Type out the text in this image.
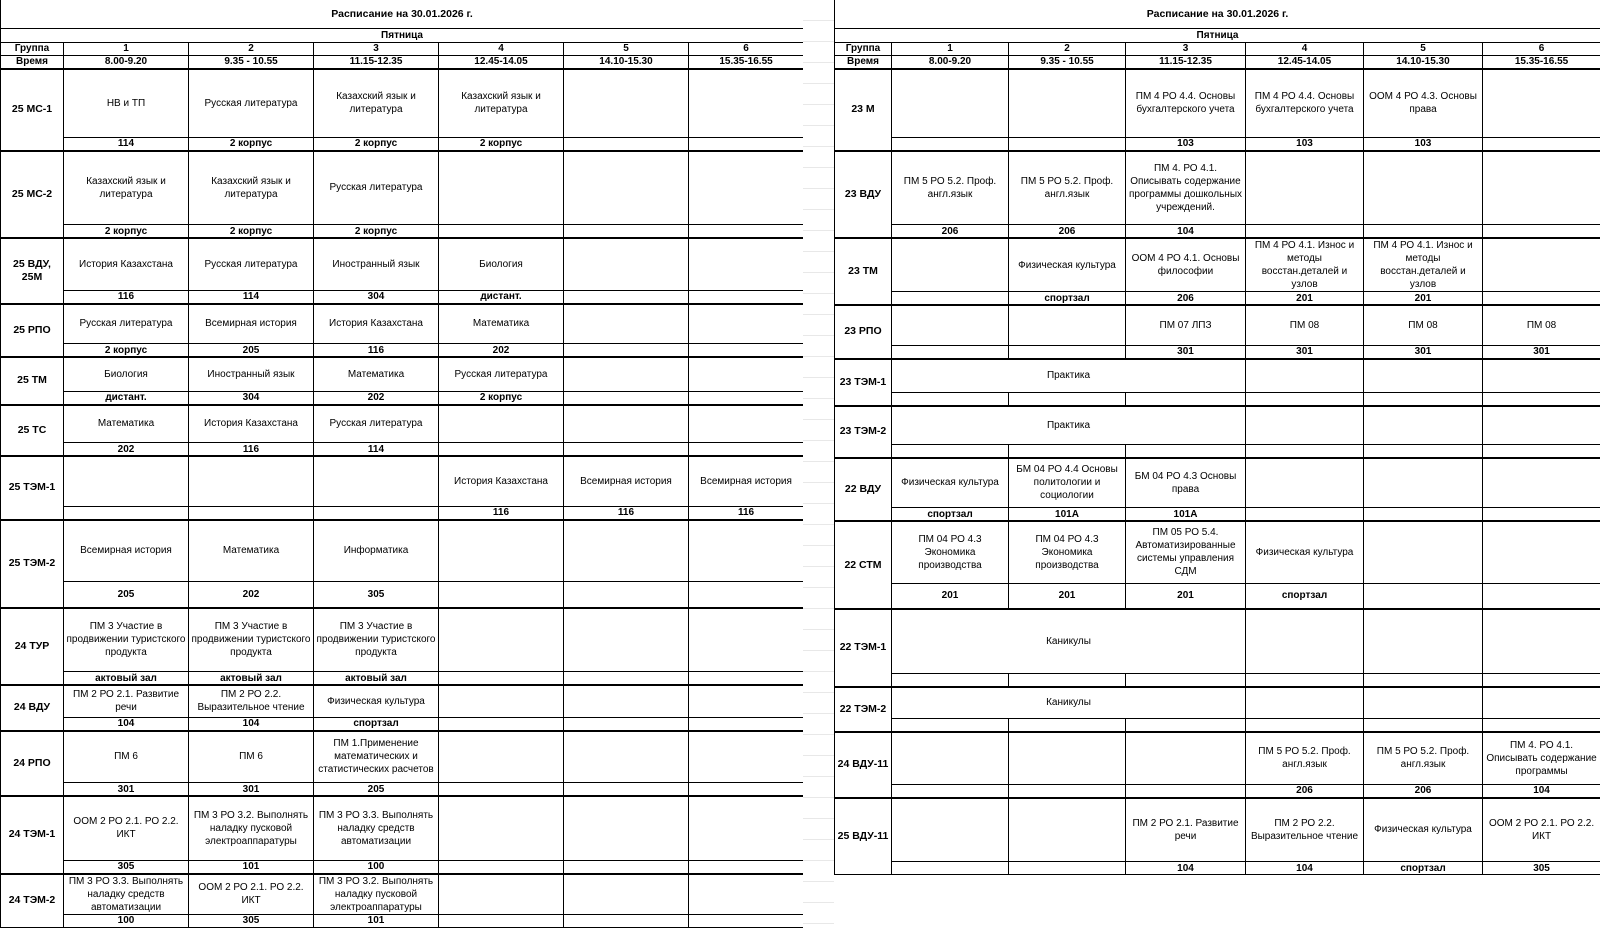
Расписание на 30.01.2026 г.						
Пятница						
Группа	1	2	3	4	5	6
Время	8.00-9.20	9.35 - 10.55	11.15-12.35	12.45-14.05	14.10-15.30	15.35-16.55
25 МС-1	НВ и ТП	Русская литература	Казахский язык и литература	Казахский язык и литература		
	114	2 корпус	2 корпус	2 корпус		
25 МС-2	Казахский язык и литература	Казахский язык и литература	Русская литература			
	2 корпус	2 корпус	2 корпус			
25 ВДУ, 25М	История Казахстана	Русская литература	Иностранный язык	Биология		
	116	114	304	дистант.		
25 РПО	Русская литература	Всемирная история	История Казахстана	Математика		
	2 корпус	205	116	202		
25 ТМ	Биология	Иностранный язык	Математика	Русская литература		
	дистант.	304	202	2 корпус		
25 ТС	Математика	История Казахстана	Русская литература			
	202	116	114			
25 ТЭМ-1				История Казахстана	Всемирная история	Всемирная история
				116	116	116
25 ТЭМ-2	Всемирная история	Математика	Информатика			
	205	202	305			
24 ТУР	ПМ 3 Участие в продвижении туристского продукта	ПМ 3 Участие в продвижении туристского продукта	ПМ 3 Участие в продвижении туристского продукта			
	актовый зал	актовый зал	актовый зал			
24 ВДУ	ПМ 2 РО 2.1. Развитие речи	ПМ 2 РО 2.2. Выразительное чтение	Физическая культура			
	104	104	спортзал			
24 РПО	ПМ 6	ПМ 6	ПМ 1.Применение математических и статистических расчетов			
	301	301	205			
24 ТЭМ-1	ООМ 2 РО 2.1. РО 2.2. ИКТ	ПМ 3 РО 3.2. Выполнять наладку пусковой электроаппаратуры	ПМ 3 РО 3.3. Выполнять наладку средств автоматизации			
	305	101	100			
24 ТЭМ-2	ПМ 3 РО 3.3. Выполнять наладку средств автоматизации	ООМ 2 РО 2.1. РО 2.2. ИКТ	ПМ 3 РО 3.2. Выполнять наладку пусковой электроаппаратуры			
	100	305	101			
Расписание на 30.01.2026 г.						
Пятница						
Группа	1	2	3	4	5	6
Время	8.00-9.20	9.35 - 10.55	11.15-12.35	12.45-14.05	14.10-15.30	15.35-16.55
23 М			ПМ 4 РО 4.4. Основы бухгалтерского учета	ПМ 4 РО 4.4. Основы бухгалтерского учета	ООМ 4 РО 4.3. Основы права	
			103	103	103	
23 ВДУ	ПМ 5 РО 5.2. Проф. англ.язык	ПМ 5 РО 5.2. Проф. англ.язык	ПМ 4. РО 4.1. Описывать содержание программы дошкольных учреждений.			
	206	206	104			
23 ТМ		Физическая культура	ООМ 4 РО 4.1. Основы философии	ПМ 4 РО 4.1. Износ и методы восстан.деталей и узлов	ПМ 4 РО 4.1. Износ и методы восстан.деталей и узлов	
		спортзал	206	201	201	
23 РПО			ПМ 07 ЛПЗ	ПМ 08	ПМ 08	ПМ 08
			301	301	301	301
23 ТЭМ-1	Практика					

23 ТЭМ-2	Практика					

22 ВДУ	Физическая культура	БМ 04 РО 4.4 Основы политологии и социологии	БМ 04 РО 4.3 Основы права			
	спортзал	101А	101А			
22 СТМ	ПМ 04 РО 4.3 Экономика производства	ПМ 04 РО 4.3 Экономика производства	ПМ 05 РО 5.4. Автоматизированные системы управления СДМ	Физическая культура		
	201	201	201	спортзал		
22 ТЭМ-1	Каникулы					

22 ТЭМ-2	Каникулы					

24 ВДУ-11				ПМ 5 РО 5.2. Проф. англ.язык	ПМ 5 РО 5.2. Проф. англ.язык	ПМ 4. РО 4.1. Описывать содержание программы
				206	206	104
25 ВДУ-11			ПМ 2 РО 2.1. Развитие речи	ПМ 2 РО 2.2. Выразительное чтение	Физическая культура	ООМ 2 РО 2.1. РО 2.2. ИКТ
			104	104	спортзал	305
